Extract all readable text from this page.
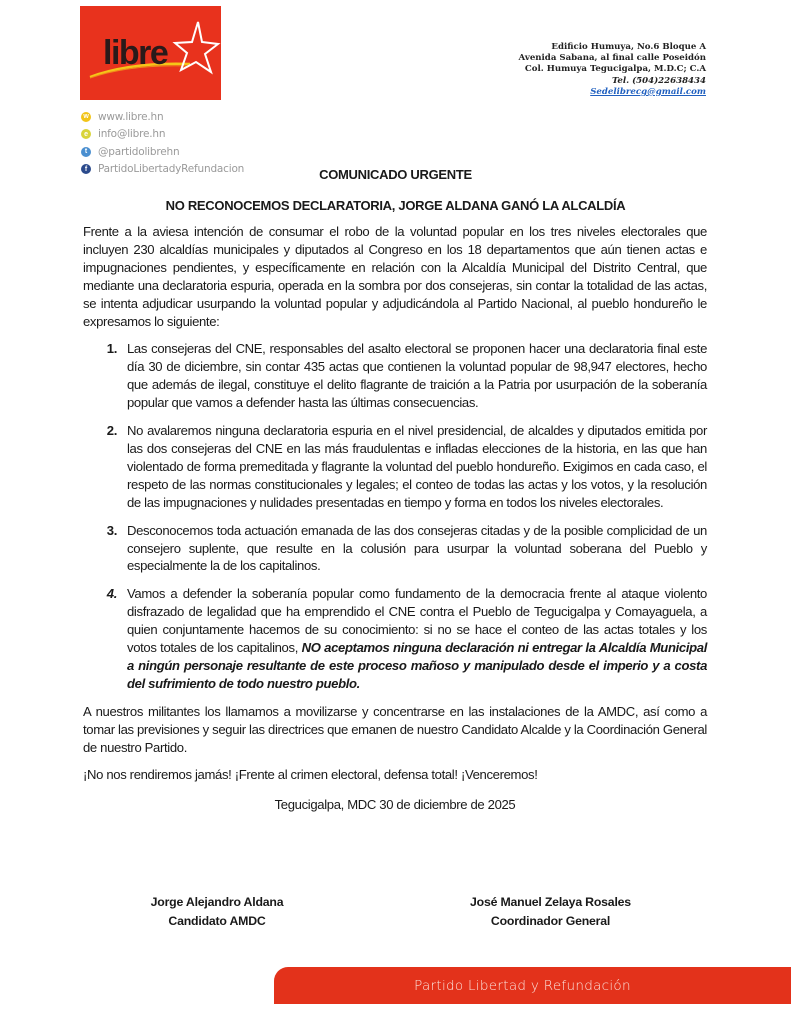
libre
w www.libre.hn
e info@libre.hn
t	@partidolibrehn
f	PartidoLibertadyRefundacion
Edificio Humuya, No.6 Bloque A
Avenida Sabana, al final calle Poseidón
Col. Humuya Tegucigalpa, M.D.C; C.A
Tel. (504)22638434
Sedelibrecg@gmail.com
COMUNICADO URGENTE
NO RECONOCEMOS DECLARATORIA, JORGE ALDANA GANÓ LA ALCALDÍA

Frente a la aviesa intención de consumar el robo de la voluntad popular en los tres niveles electorales que incluyen 230 alcaldías municipales y diputados al Congreso en los 18 departamentos que aún tienen actas e impugnaciones pendientes, y específicamente en relación con la Alcaldía Municipal del Distrito Central, que mediante una declaratoria espuria, operada en la sombra por dos consejeras, sin contar la totalidad de las actas, se intenta adjudicar usurpando la voluntad popular y adjudicándola al Partido Nacional, al pueblo hondureño le expresamos lo siguiente:

1. Las consejeras del CNE, responsables del asalto electoral se proponen hacer una declaratoria final este día 30 de diciembre, sin contar 435 actas que contienen la voluntad popular de 98,947 electores, hecho que además de ilegal, constituye el delito flagrante de traición a la Patria por usurpación de la soberanía popular que vamos a defender hasta las últimas consecuencias.
2. No avalaremos ninguna declaratoria espuria en el nivel presidencial, de alcaldes y diputados emitida por las dos consejeras del CNE en las más fraudulentas e infladas elecciones de la historia, en las que han violentado de forma premeditada y flagrante la voluntad del pueblo hondureño. Exigimos en cada caso, el respeto de las normas constitucionales y legales; el conteo de todas las actas y los votos, y la resolución de las impugnaciones y nulidades presentadas en tiempo y forma en todos los niveles electorales.
3. Desconocemos toda actuación emanada de las dos consejeras citadas y de la posible complicidad de un consejero suplente, que resulte en la colusión para usurpar la voluntad soberana del Pueblo y especialmente la de los capitalinos.
4. Vamos a defender la soberanía popular como fundamento de la democracia frente al ataque violento disfrazado de legalidad que ha emprendido el CNE contra el Pueblo de Tegucigalpa y Comayaguela, a quien conjuntamente hacemos de su conocimiento: si no se hace el conteo de las actas totales y los votos totales de los capitalinos, NO aceptamos ninguna declaración ni entregar la Alcaldía Municipal a ningún personaje resultante de este proceso mañoso y manipulado desde el imperio y a costa del sufrimiento de todo nuestro pueblo.

A nuestros militantes los llamamos a movilizarse y concentrarse en las instalaciones de la AMDC, así como a tomar las previsiones y seguir las directrices que emanen de nuestro Candidato Alcalde y la Coordinación General de nuestro Partido.

¡No nos rendiremos jamás! ¡Frente al crimen electoral, defensa total! ¡Venceremos!

Tegucigalpa, MDC 30 de diciembre de 2025

Jorge Alejandro Aldana
Candidato AMDC
José Manuel Zelaya Rosales
Coordinador General
Partido Libertad y Refundación
